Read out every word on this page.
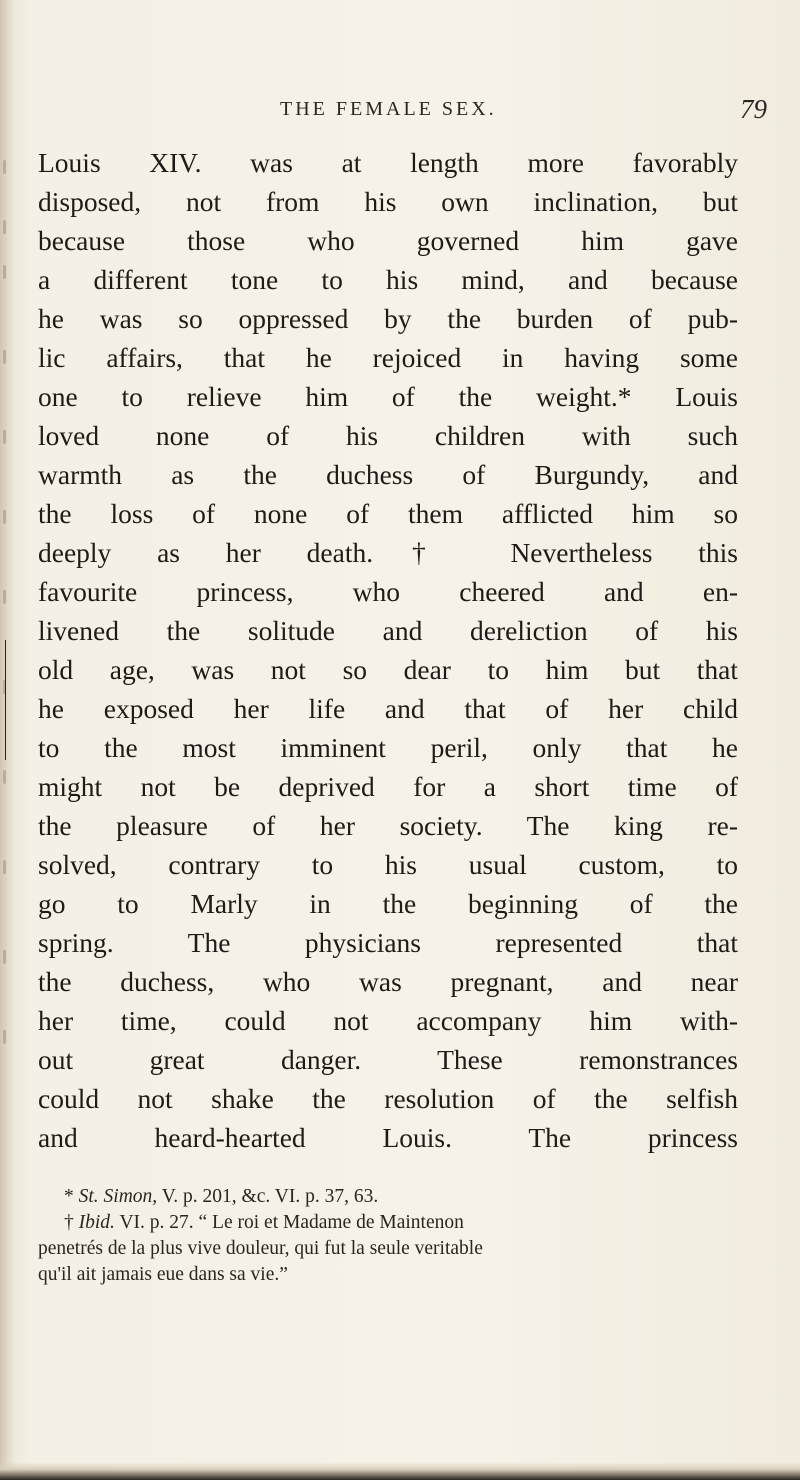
THE FEMALE SEX.	79

Louis XIV. was at length more favorably
disposed, not from his own inclination, but
because those who governed him gave
a different tone to his mind, and because
he was so oppressed by the burden of pub-
lic affairs, that he rejoiced in having some
one to relieve him of the weight.* Louis
loved none of his children with such
warmth as the duchess of Burgundy, and
the loss of none of them afflicted him so
deeply as her death.† Nevertheless this
favourite princess, who cheered and en-
livened the solitude and dereliction of his
old age, was not so dear to him but that
he exposed her life and that of her child
to the most imminent peril, only that he
might not be deprived for a short time of
the pleasure of her society. The king re-
solved, contrary to his usual custom, to
go to Marly in the beginning of the
spring. The physicians represented that
the duchess, who was pregnant, and near
her time, could not accompany him with-
out great danger. These remonstrances
could not shake the resolution of the selfish
and heard-hearted Louis. The princess

* St. Simon, V. p. 201, &c. VI. p. 37, 63.
† Ibid. VI. p. 27. “ Le roi et Madame de Maintenon
penetrés de la plus vive douleur, qui fut la seule veritable
qu'il ait jamais eue dans sa vie.”
